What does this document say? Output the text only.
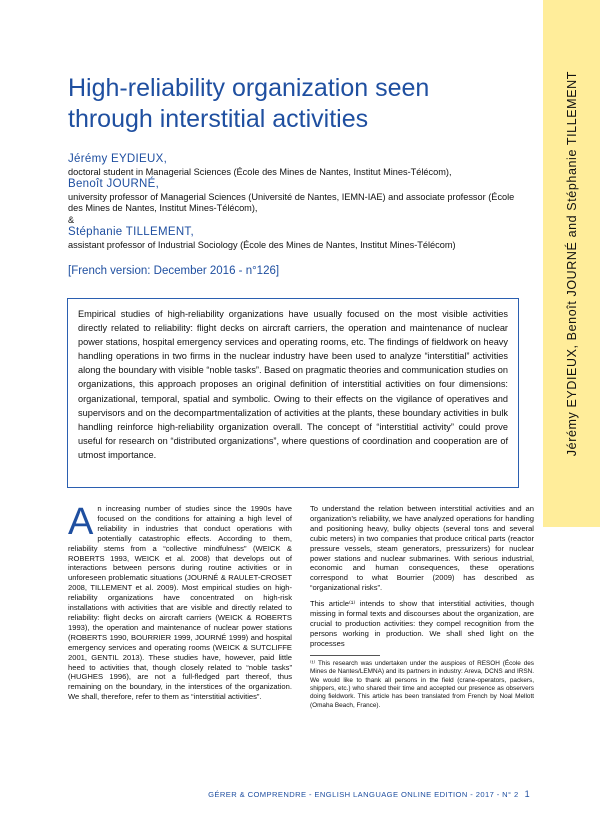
High-reliability organization seen through interstitial activities
Jérémy EYDIEUX,
doctoral student in Managerial Sciences (École des Mines de Nantes, Institut Mines-Télécom),
Benoît JOURNÉ,
university professor of Managerial Sciences (Université de Nantes, IEMN-IAE) and associate professor (École des Mines de Nantes, Institut Mines-Télécom),
&
Stéphanie TILLEMENT,
assistant professor of Industrial Sociology (École des Mines de Nantes, Institut Mines-Télécom)
[French version: December 2016 - n°126]
Empirical studies of high-reliability organizations have usually focused on the most visible activities directly related to reliability: flight decks on aircraft carriers, the operation and maintenance of nuclear power stations, hospital emergency services and operating rooms, etc. The findings of fieldwork on heavy handling operations in two firms in the nuclear industry have been used to analyze “interstitial” activities along the boundary with visible “noble tasks”. Based on pragmatic theories and communication studies on organizations, this approach proposes an original definition of interstitial activities on four dimensions: organizational, temporal, spatial and symbolic. Owing to their effects on the vigilance of operatives and supervisors and on the decompartmentalization of activities at the plants, these boundary activities in bulk handling reinforce high-reliability organization overall. The concept of “interstitial activity” could prove useful for research on “distributed organizations”, where questions of coordination and cooperation are of utmost importance.

An increasing number of studies since the 1990s have focused on the conditions for attaining a high level of reliability in industries that conduct operations with potentially catastrophic effects. According to them, reliability stems from a “collective mindfulness” (WEICK & ROBERTS 1993, WEICK et al. 2008) that develops out of interactions between persons during routine activities or in unforeseen problematic situations (JOURNÉ & RAULET-CROSET 2008, TILLEMENT et al. 2009). Most empirical studies on high-reliability organizations have concentrated on high-risk installations with activities that are visible and directly related to reliability: flight decks on aircraft carriers (WEICK & ROBERTS 1993), the operation and maintenance of nuclear power stations (ROBERTS 1990, BOURRIER 1999, JOURNÉ 1999) and hospital emergency services and operating rooms (WEICK & SUTCLIFFE 2001, GENTIL 2013). These studies have, however, paid little heed to activities that, though closely related to “noble tasks” (HUGHES 1996), are not a full-fledged part thereof, thus remaining on the boundary, in the interstices of the organization. We shall, therefore, refer to them as “interstitial activities”.

To understand the relation between interstitial activities and an organization’s reliability, we have analyzed operations for handling and positioning heavy, bulky objects (several tons and several cubic meters) in two companies that produce critical parts (reactor pressure vessels, steam generators, pressurizers) for nuclear power stations and nuclear submarines. With serious industrial, economic and human consequences, these operations correspond to what Bourrier (2009) has described as “organizational risks”.

This article⁽¹⁾ intends to show that interstitial activities, though missing in formal texts and discourses about the organization, are crucial to production activities: they compel recognition from the persons working in production. We shall shed light on the processes

⁽¹⁾ This research was undertaken under the auspices of RESOH (École des Mines de Nantes/LEMNA) and its partners in industry: Areva, DCNS and IRSN. We would like to thank all persons in the field (crane-operators, packers, shippers, etc.) who shared their time and accepted our presence as observers doing fieldwork. This article has been translated from French by Noal Mellott (Omaha Beach, France).
GÉRER & COMPRENDRE - ENGLISH LANGUAGE ONLINE EDITION - 2017 - N° 2 1
Jérémy EYDIEUX, Benoît JOURNÉ and Stéphanie TILLEMENT
